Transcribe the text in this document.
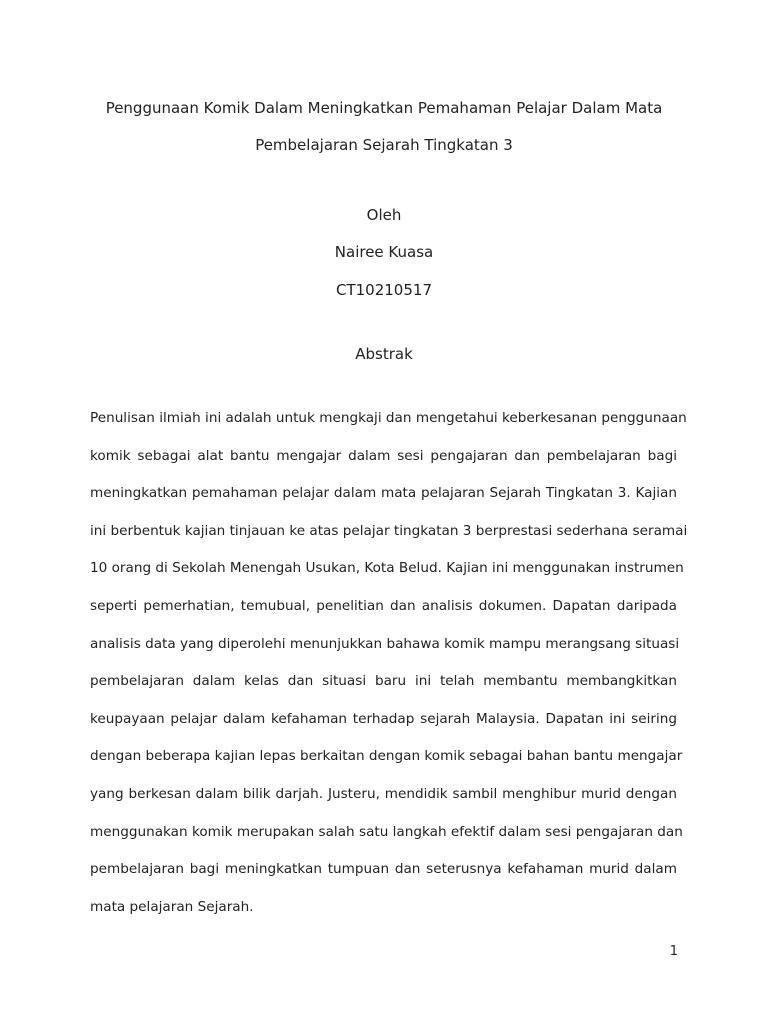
Penggunaan Komik Dalam Meningkatkan Pemahaman Pelajar Dalam Mata

Pembelajaran Sejarah Tingkatan 3

Oleh

Nairee Kuasa

CT10210517

Abstrak

Penulisan ilmiah ini adalah untuk mengkaji dan mengetahui keberkesanan penggunaan
komik sebagai alat bantu mengajar dalam sesi pengajaran dan pembelajaran bagi
meningkatkan pemahaman pelajar dalam mata pelajaran Sejarah Tingkatan 3. Kajian
ini berbentuk kajian tinjauan ke atas pelajar tingkatan 3 berprestasi sederhana seramai
10 orang di Sekolah Menengah Usukan, Kota Belud. Kajian ini menggunakan instrumen
seperti pemerhatian, temubual, penelitian dan analisis dokumen. Dapatan daripada
analisis data yang diperolehi menunjukkan bahawa komik mampu merangsang situasi
pembelajaran dalam kelas dan situasi baru ini telah membantu membangkitkan
keupayaan pelajar dalam kefahaman terhadap sejarah Malaysia. Dapatan ini seiring
dengan beberapa kajian lepas berkaitan dengan komik sebagai bahan bantu mengajar
yang berkesan dalam bilik darjah. Justeru, mendidik sambil menghibur murid dengan
menggunakan komik merupakan salah satu langkah efektif dalam sesi pengajaran dan
pembelajaran bagi meningkatkan tumpuan dan seterusnya kefahaman murid dalam
mata pelajaran Sejarah.
1
